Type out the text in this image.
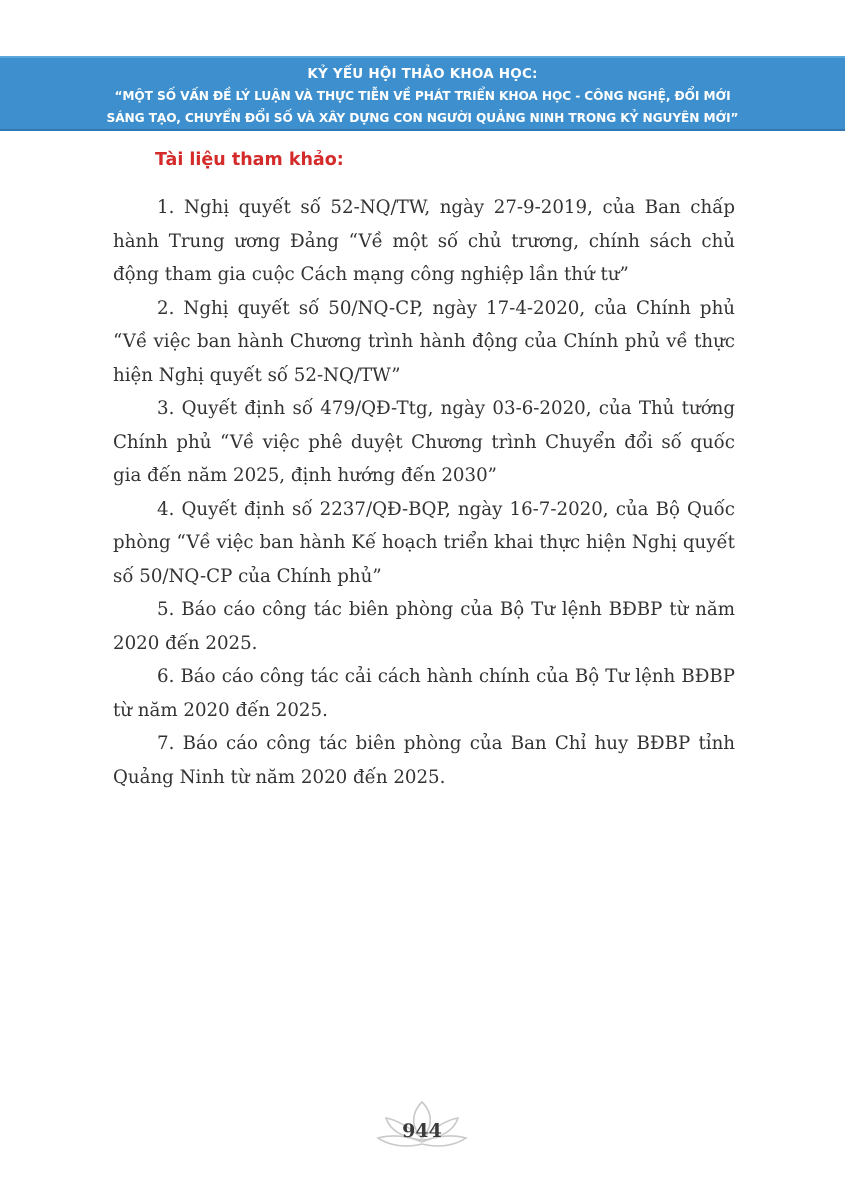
KỶ YẾU HỘI THẢO KHOA HỌC:
“MỘT SỐ VẤN ĐỀ LÝ LUẬN VÀ THỰC TIỄN VỀ PHÁT TRIỂN KHOA HỌC - CÔNG NGHỆ, ĐỔI MỚI
SÁNG TẠO, CHUYỂN ĐỔI SỐ VÀ XÂY DỰNG CON NGƯỜI QUẢNG NINH TRONG KỶ NGUYÊN MỚI”
Tài liệu tham khảo:

1. Nghị quyết số 52-NQ/TW, ngày 27-9-2019, của Ban chấp hành Trung ương Đảng “Về một số chủ trương, chính sách chủ động tham gia cuộc Cách mạng công nghiệp lần thứ tư”

2. Nghị quyết số 50/NQ-CP, ngày 17-4-2020, của Chính phủ “Về việc ban hành Chương trình hành động của Chính phủ về thực hiện Nghị quyết số 52-NQ/TW”

3. Quyết định số 479/QĐ-Ttg, ngày 03-6-2020, của Thủ tướng Chính phủ “Về việc phê duyệt Chương trình Chuyển đổi số quốc gia đến năm 2025, định hướng đến 2030”

4. Quyết định số 2237/QĐ-BQP, ngày 16-7-2020, của Bộ Quốc phòng “Về việc ban hành Kế hoạch triển khai thực hiện Nghị quyết số 50/NQ-CP của Chính phủ”

5. Báo cáo công tác biên phòng của Bộ Tư lệnh BĐBP từ năm 2020 đến 2025.

6. Báo cáo công tác cải cách hành chính của Bộ Tư lệnh BĐBP từ năm 2020 đến 2025.

7. Báo cáo công tác biên phòng của Ban Chỉ huy BĐBP tỉnh Quảng Ninh từ năm 2020 đến 2025.

944
